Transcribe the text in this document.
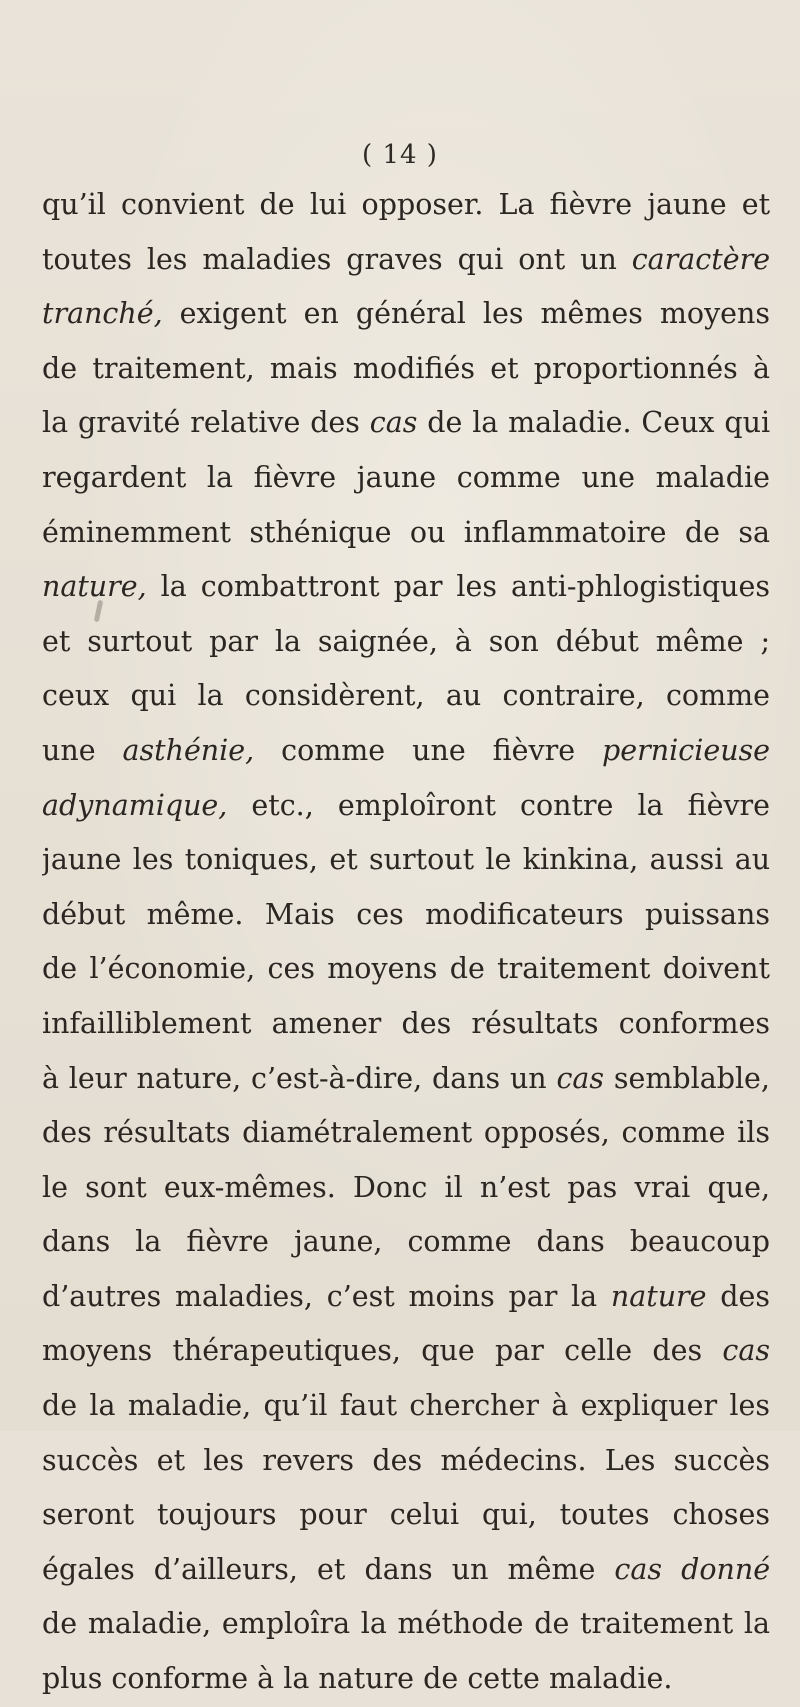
( 14 )
qu’il convient de lui opposer. La fièvre jaune et
toutes les maladies graves qui ont un caractère
tranché, exigent en général les mêmes moyens
de traitement, mais modifiés et proportionnés à
la gravité relative des cas de la maladie. Ceux qui
regardent la fièvre jaune comme une maladie
éminemment sthénique ou inflammatoire de sa
nature, la combattront par les anti-phlogistiques
et surtout par la saignée, à son début même ;
ceux qui la considèrent, au contraire, comme
une asthénie, comme une fièvre pernicieuse
adynamique, etc., emploîront contre la fièvre
jaune les toniques, et surtout le kinkina, aussi au
début même. Mais ces modificateurs puissans
de l’économie, ces moyens de traitement doivent
infailliblement amener des résultats conformes
à leur nature, c’est-à-dire, dans un cas semblable,
des résultats diamétralement opposés, comme ils
le sont eux-mêmes. Donc il n’est pas vrai que,
dans la fièvre jaune, comme dans beaucoup
d’autres maladies, c’est moins par la nature des
moyens thérapeutiques, que par celle des cas
de la maladie, qu’il faut chercher à expliquer les
succès et les revers des médecins. Les succès
seront toujours pour celui qui, toutes choses
égales d’ailleurs, et dans un même cas donné
de maladie, emploîra la méthode de traitement la
plus conforme à la nature de cette maladie.
